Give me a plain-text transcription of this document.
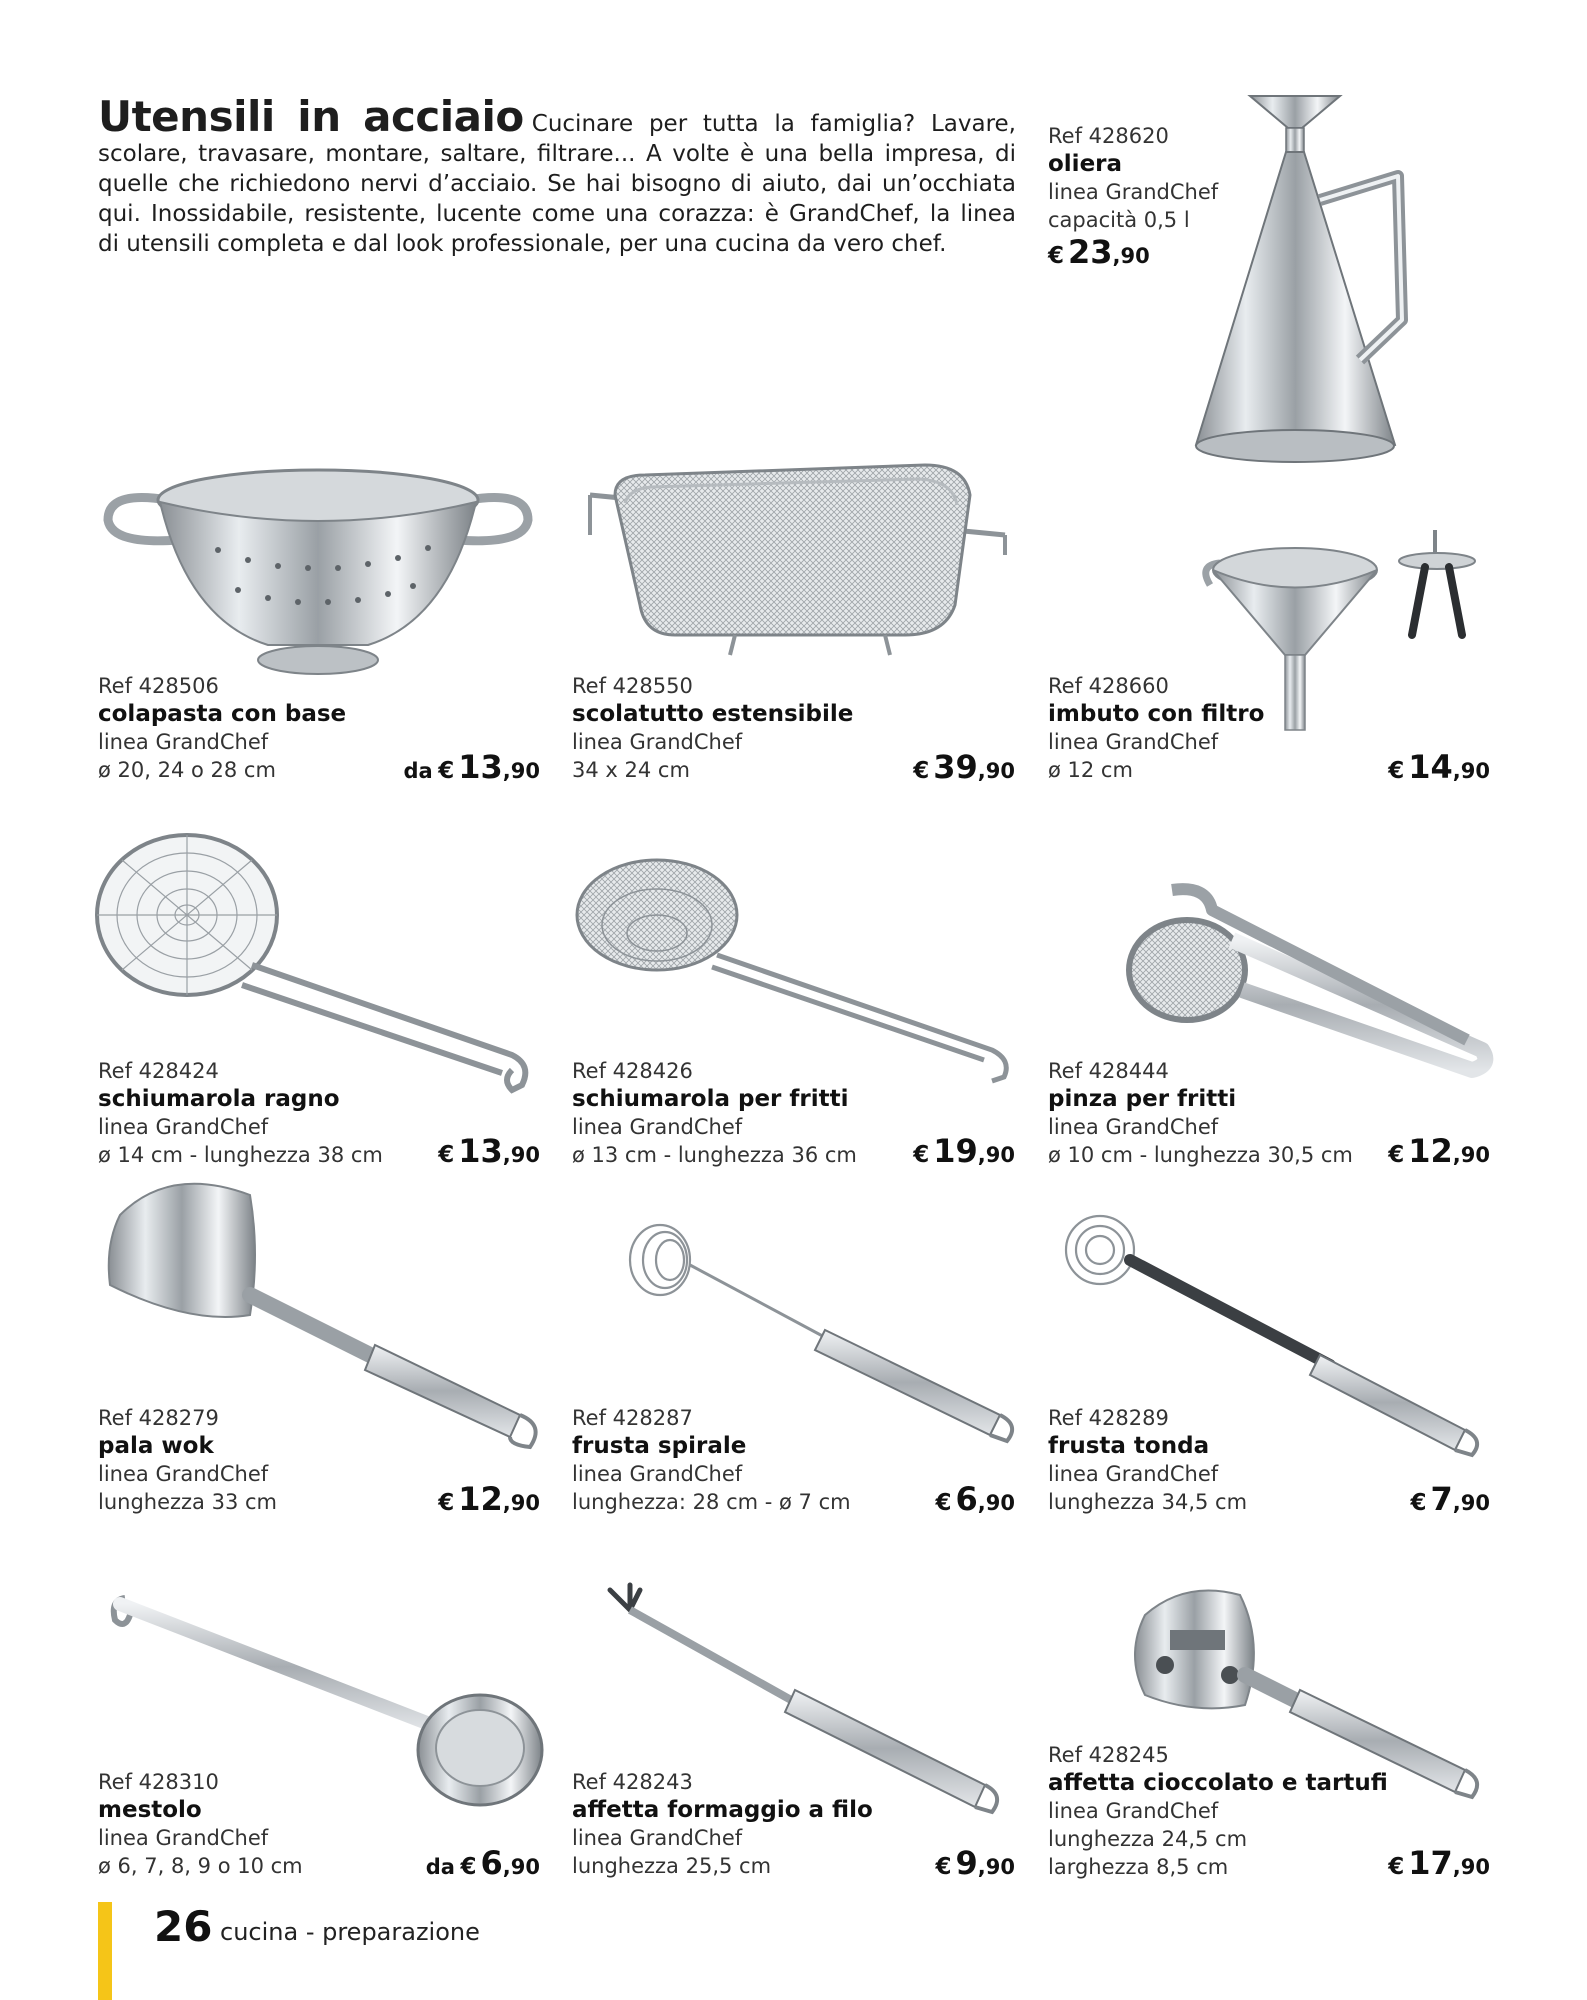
Utensili in acciaio Cucinare per tutta la famiglia? Lavare, scolare, travasare, montare, saltare, filtrare... A volte è una bella impresa, di quelle che richiedono nervi d’acciaio. Se hai bisogno di aiuto, dai un’occhiata qui. Inossidabile, resistente, lucente come una corazza: è GrandChef, la linea di utensili completa e dal look professionale, per una cucina da vero chef.
Ref 428620
oliera
linea GrandChef
capacità 0,5 l
€ 23,90
Ref 428506
colapasta con base
linea GrandChef
ø 20, 24 o 28 cm	da € 13,90
Ref 428550
scolatutto estensibile
linea GrandChef
34 x 24 cm	€ 39,90
Ref 428660
imbuto con filtro
linea GrandChef
ø 12 cm	€ 14,90
Ref 428424
schiumarola ragno
linea GrandChef
ø 14 cm - lunghezza 38 cm	€ 13,90
Ref 428426
schiumarola per fritti
linea GrandChef
ø 13 cm - lunghezza 36 cm	€ 19,90
Ref 428444
pinza per fritti
linea GrandChef
ø 10 cm - lunghezza 30,5 cm	€ 12,90
Ref 428279
pala wok
linea GrandChef
lunghezza 33 cm	€ 12,90
Ref 428287
frusta spirale
linea GrandChef
lunghezza: 28 cm - ø 7 cm	€ 6,90
Ref 428289
frusta tonda
linea GrandChef
lunghezza 34,5 cm	€ 7,90
Ref 428310
mestolo
linea GrandChef
ø 6, 7, 8, 9 o 10 cm	da € 6,90
Ref 428243
affetta formaggio a filo
linea GrandChef
lunghezza 25,5 cm	€ 9,90
Ref 428245
affetta cioccolato e tartufi
linea GrandChef
lunghezza 24,5 cm
larghezza 8,5 cm	€ 17,90
26 cucina - preparazione
